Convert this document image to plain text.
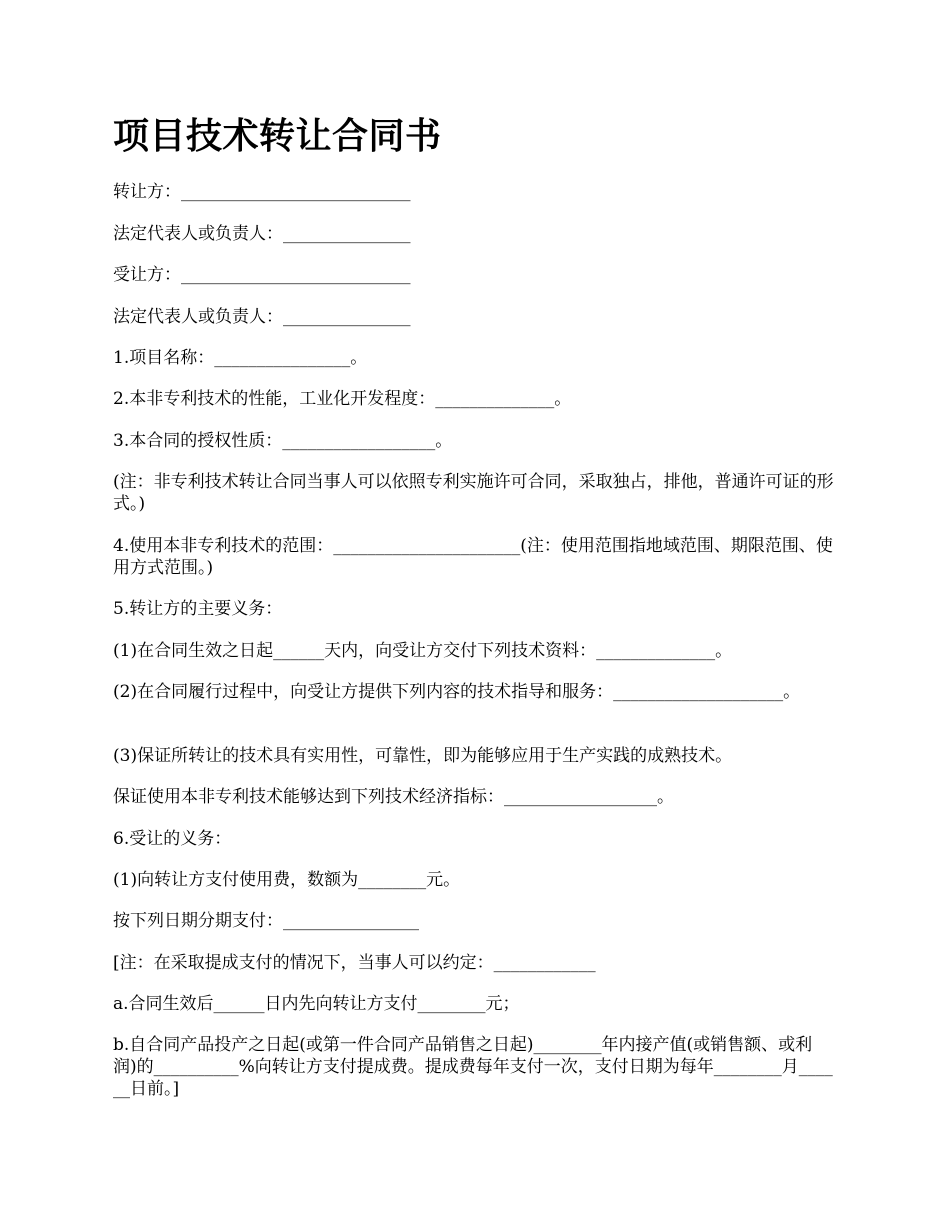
项目技术转让合同书

转让方：___________________________

法定代表人或负责人：_______________

受让方：___________________________

法定代表人或负责人：_______________

1.项目名称：________________。

2.本非专利技术的性能，工业化开发程度：______________。

3.本合同的授权性质：__________________。

(注：非专利技术转让合同当事人可以依照专利实施许可合同，采取独占，排他，普通许可证的形式。)

4.使用本非专利技术的范围：______________________(注：使用范围指地域范围、期限范围、使用方式范围。)

5.转让方的主要义务：

(1)在合同生效之日起______天内，向受让方交付下列技术资料：______________。

(2)在合同履行过程中，向受让方提供下列内容的技术指导和服务：____________________。

(3)保证所转让的技术具有实用性，可靠性，即为能够应用于生产实践的成熟技术。

保证使用本非专利技术能够达到下列技术经济指标：__________________。

6.受让的义务：

(1)向转让方支付使用费，数额为________元。

按下列日期分期支付：________________

[注：在采取提成支付的情况下，当事人可以约定：____________

a.合同生效后______日内先向转让方支付________元；

b.自合同产品投产之日起(或第一件合同产品销售之日起)________年内接产值(或销售额、或利润)的__________%向转让方支付提成费。提成费每年支付一次，支付日期为每年________月______日前。]
